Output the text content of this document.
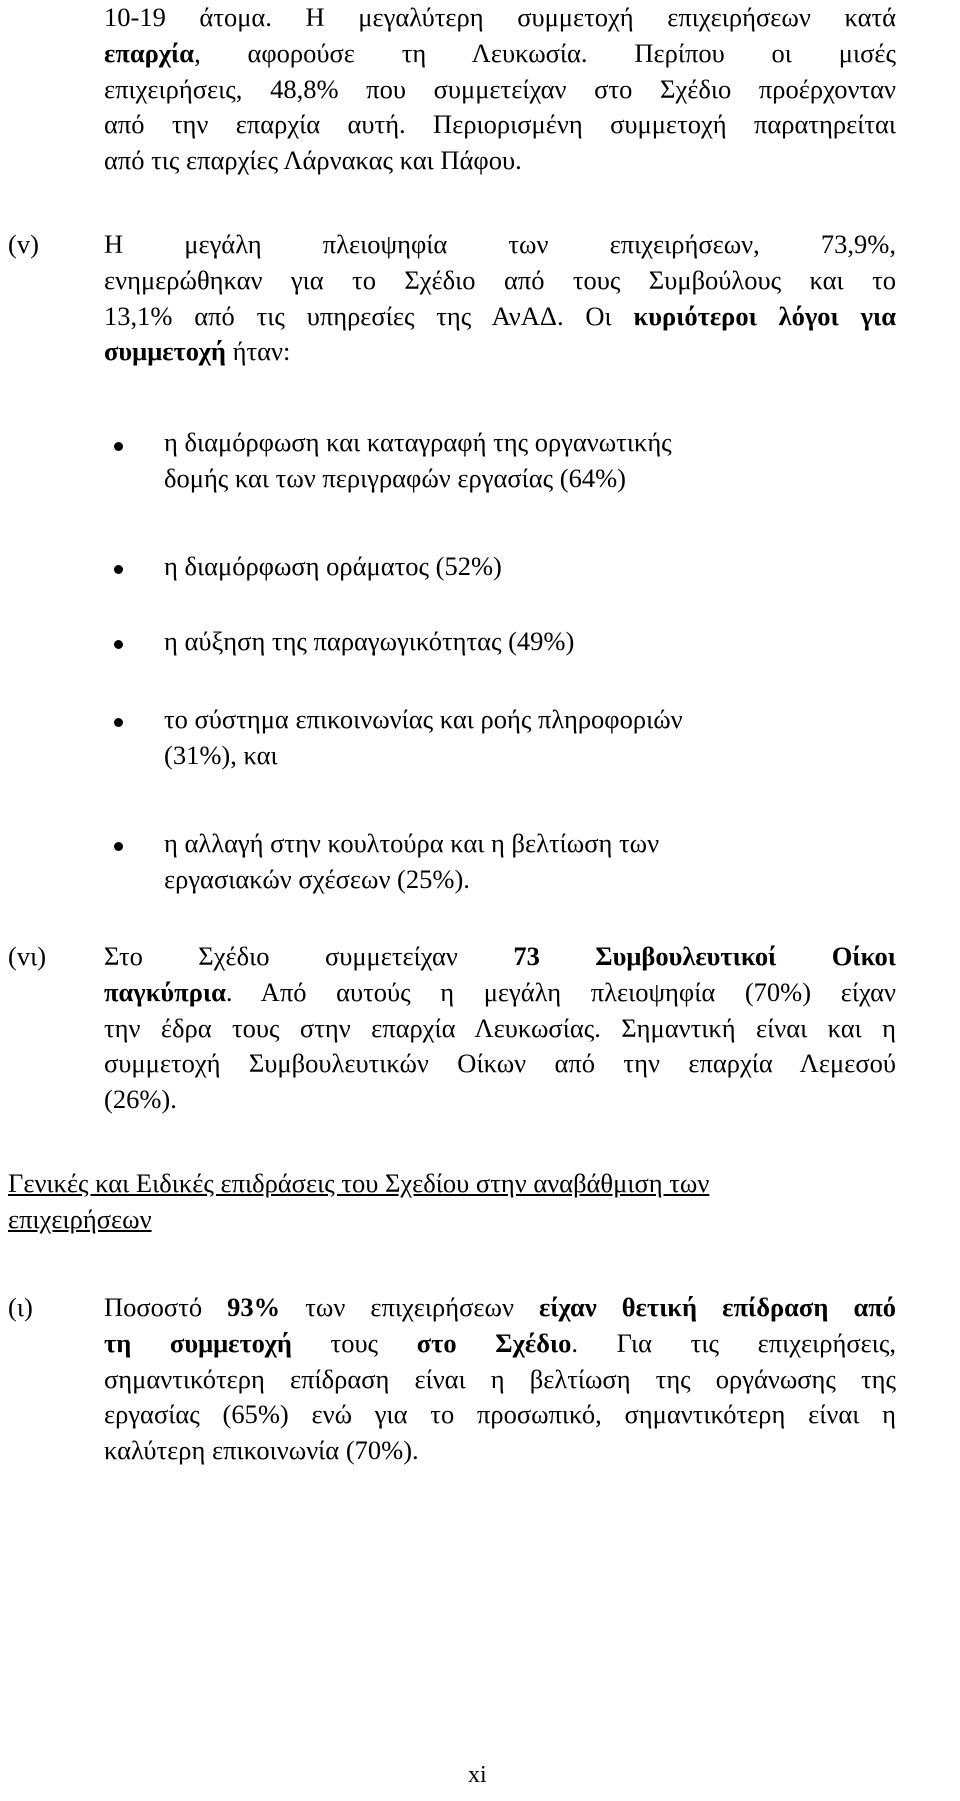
10-19 άτομα. Η μεγαλύτερη συμμετοχή επιχειρήσεων κατά
επαρχία, αφορούσε τη Λευκωσία. Περίπου οι μισές
επιχειρήσεις, 48,8% που συμμετείχαν στο Σχέδιο προέρχονταν
από την επαρχία αυτή. Περιορισμένη συμμετοχή παρατηρείται
από τις επαρχίες Λάρνακας και Πάφου.
(v) Η μεγάλη πλειοψηφία των επιχειρήσεων, 73,9%,
ενημερώθηκαν για το Σχέδιο από τους Συμβούλους και το
13,1% από τις υπηρεσίες της ΑνΑΔ. Οι κυριότεροι λόγοι για
συμμετοχή ήταν:
η διαμόρφωση και καταγραφή της οργανωτικής
δομής και των περιγραφών εργασίας (64%)
η διαμόρφωση οράματος (52%)
η αύξηση της παραγωγικότητας (49%)
το σύστημα επικοινωνίας και ροής πληροφοριών
(31%), και
η αλλαγή στην κουλτούρα και η βελτίωση των
εργασιακών σχέσεων (25%).
(vι) Στο Σχέδιο συμμετείχαν 73 Συμβουλευτικοί Οίκοι
παγκύπρια. Από αυτούς η μεγάλη πλειοψηφία (70%) είχαν
την έδρα τους στην επαρχία Λευκωσίας. Σημαντική είναι και η
συμμετοχή Συμβουλευτικών Οίκων από την επαρχία Λεμεσού
(26%).
Γενικές και Ειδικές επιδράσεις του Σχεδίου στην αναβάθμιση των
επιχειρήσεων
(ι)	Ποσοστό 93% των επιχειρήσεων είχαν θετική επίδραση από
τη συμμετοχή τους στο Σχέδιο. Για τις επιχειρήσεις,
σημαντικότερη επίδραση είναι η βελτίωση της οργάνωσης της
εργασίας (65%) ενώ για το προσωπικό, σημαντικότερη είναι η
καλύτερη επικοινωνία (70%).
xi
